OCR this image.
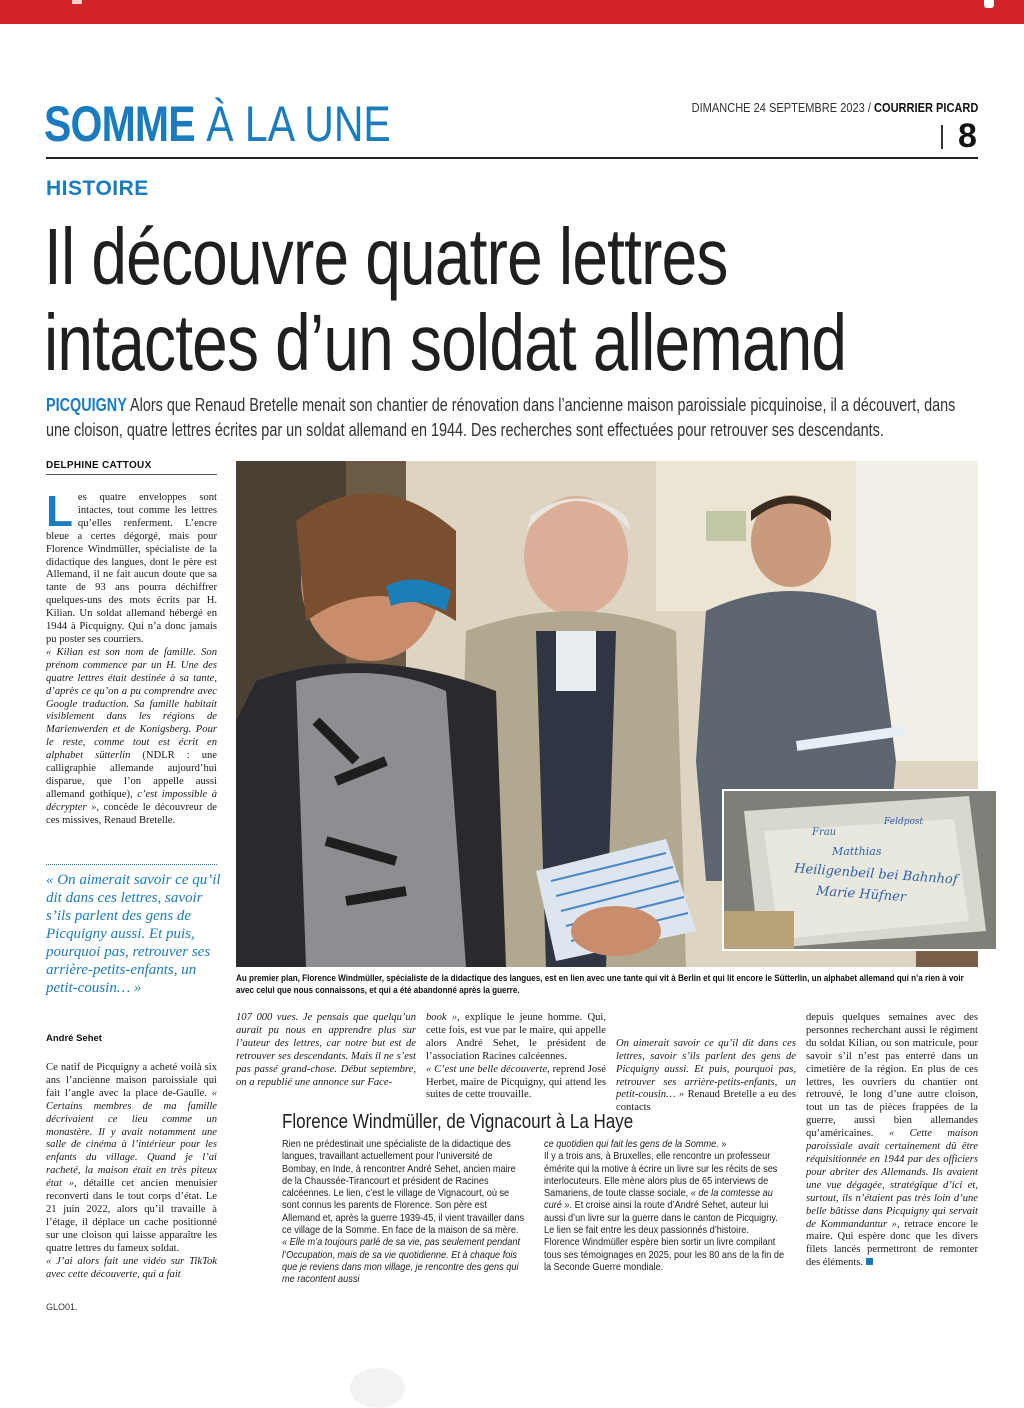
SOMME À LA UNE	DIMANCHE 24 SEPTEMBRE 2023 / COURRIER PICARD
8
HISTOIRE
Il découvre quatre lettres
intactes d’un soldat allemand
PICQUIGNY Alors que Renaud Bretelle menait son chantier de rénovation dans l’ancienne maison paroissiale picquinoise, il a découvert, dans une cloison, quatre lettres écrites par un soldat allemand en 1944. Des recherches sont effectuées pour retrouver ses descendants.
DELPHINE CATTOUX
Les quatre enveloppes sont intactes, tout comme les lettres qu’elles renferment. L’encre bleue a certes dégorgé, mais pour Florence Windmüller, spécialiste de la didactique des langues, dont le père est Allemand, il ne fait aucun doute que sa tante de 93 ans pourra déchiffrer quelques-uns des mots écrits par H. Kilian. Un soldat allemand hébergé en 1944 à Picquigny. Qui n’a donc jamais pu poster ses courriers.
« Kilian est son nom de famille. Son prénom commence par un H. Une des quatre lettres était destinée à sa tante, d’après ce qu’on a pu comprendre avec Google traduction. Sa famille habitait visiblement dans les régions de Marienwerden et de Konigsberg. Pour le reste, comme tout est écrit en alphabet sütterlin (NDLR : une calligraphie allemande aujourd’hui disparue, que l’on appelle aussi allemand gothique), c’est impossible à décrypter », concède le découvreur de ces missives, Renaud Bretelle.
« On aimerait savoir ce qu’il dit dans ces lettres, savoir s’ils parlent des gens de Picquigny aussi. Et puis, pourquoi pas, retrouver ses arrière-petits-enfants, un petit-cousin… »
André Sehet
Ce natif de Picquigny a acheté voilà six ans l’ancienne maison paroissiale qui fait l’angle avec la place de-Gaulle. « Certains membres de ma famille décrivaient ce lieu comme un monastère. Il y avait notamment une salle de cinéma à l’intérieur pour les enfants du village. Quand je l’ai racheté, la maison était en très piteux état », détaille cet ancien menuisier reconverti dans le tout corps d’état. Le 21 juin 2022, alors qu’il travaille à l’étage, il déplace un cache positionné sur une cloison qui laisse apparaître les quatre lettres du fameux soldat.
« J’ai alors fait une vidéo sur TikTok avec cette découverte, qui a fait
GLO01.
Frau
Matthias
Heiligenbeil bei Bahnhof
Marie Hüfner
Feldpost
Au premier plan, Florence Windmüller, spécialiste de la didactique des langues, est en lien avec une tante qui vit à Berlin et qui lit encore le Sütterlin, un alphabet allemand qui n’a rien à voir avec celui que nous connaissons, et qui a été abandonné après la guerre.
107 000 vues. Je pensais que quelqu’un aurait pu nous en apprendre plus sur l’auteur des lettres, car notre but est de retrouver ses descendants. Mais il ne s’est pas passé grand-chose. Début septembre, on a republié une annonce sur Face-
book », explique le jeune homme. Qui, cette fois, est vue par le maire, qui appelle alors André Sehet, le président de l’association Racines calcéennes.
« C’est une belle découverte, reprend José Herbet, maire de Picquigny, qui attend les suites de cette trouvaille.
On aimerait savoir ce qu’il dit dans ces lettres, savoir s’ils parlent des gens de Picquigny aussi. Et puis, pourquoi pas, retrouver ses arrière-petits-enfants, un petit-cousin… » Renaud Bretelle a eu des contacts
depuis quelques semaines avec des personnes recherchant aussi le régiment du soldat Kilian, ou son matricule, pour savoir s’il n’est pas enterré dans un cimetière de la région. En plus de ces lettres, les ouvriers du chantier ont retrouvé, le long d’une autre cloison, tout un tas de pièces frappées de la guerre, aussi bien allemandes qu’américaines. « Cette maison paroissiale avait certainement dû être réquisitionnée en 1944 par des officiers pour abriter des Allemands. Ils avaient une vue dégagée, stratégique d’ici et, surtout, ils n’étaient pas très loin d’une belle bâtisse dans Picquigny qui servait de Kommandantur », retrace encore le maire. Qui espère donc que les divers filets lancés permettront de remonter des éléments.
Florence Windmüller, de Vignacourt à La Haye
Rien ne prédestinait une spécialiste de la didactique des langues, travaillant actuellement pour l’université de Bombay, en Inde, à rencontrer André Sehet, ancien maire de la Chaussée-Tirancourt et président de Racines calcéennes. Le lien, c’est le village de Vignacourt, où se sont connus les parents de Florence. Son père est Allemand et, après la guerre 1939-45, il vient travailler dans ce village de la Somme. En face de la maison de sa mère. « Elle m’a toujours parlé de sa vie, pas seulement pendant l’Occupation, mais de sa vie quotidienne. Et à chaque fois que je reviens dans mon village, je rencontre des gens qui me racontent aussi
ce quotidien qui fait les gens de la Somme. »
Il y a trois ans, à Bruxelles, elle rencontre un professeur émérite qui la motive à écrire un livre sur les récits de ses interlocuteurs. Elle mène alors plus de 65 interviews de Samariens, de toute classe sociale, « de la comtesse au curé ». Et croise ainsi la route d’André Sehet, auteur lui aussi d’un livre sur la guerre dans le canton de Picquigny. Le lien se fait entre les deux passionnés d’histoire. Florence Windmüller espère bien sortir un livre compilant tous ses témoignages en 2025, pour les 80 ans de la fin de la Seconde Guerre mondiale.
